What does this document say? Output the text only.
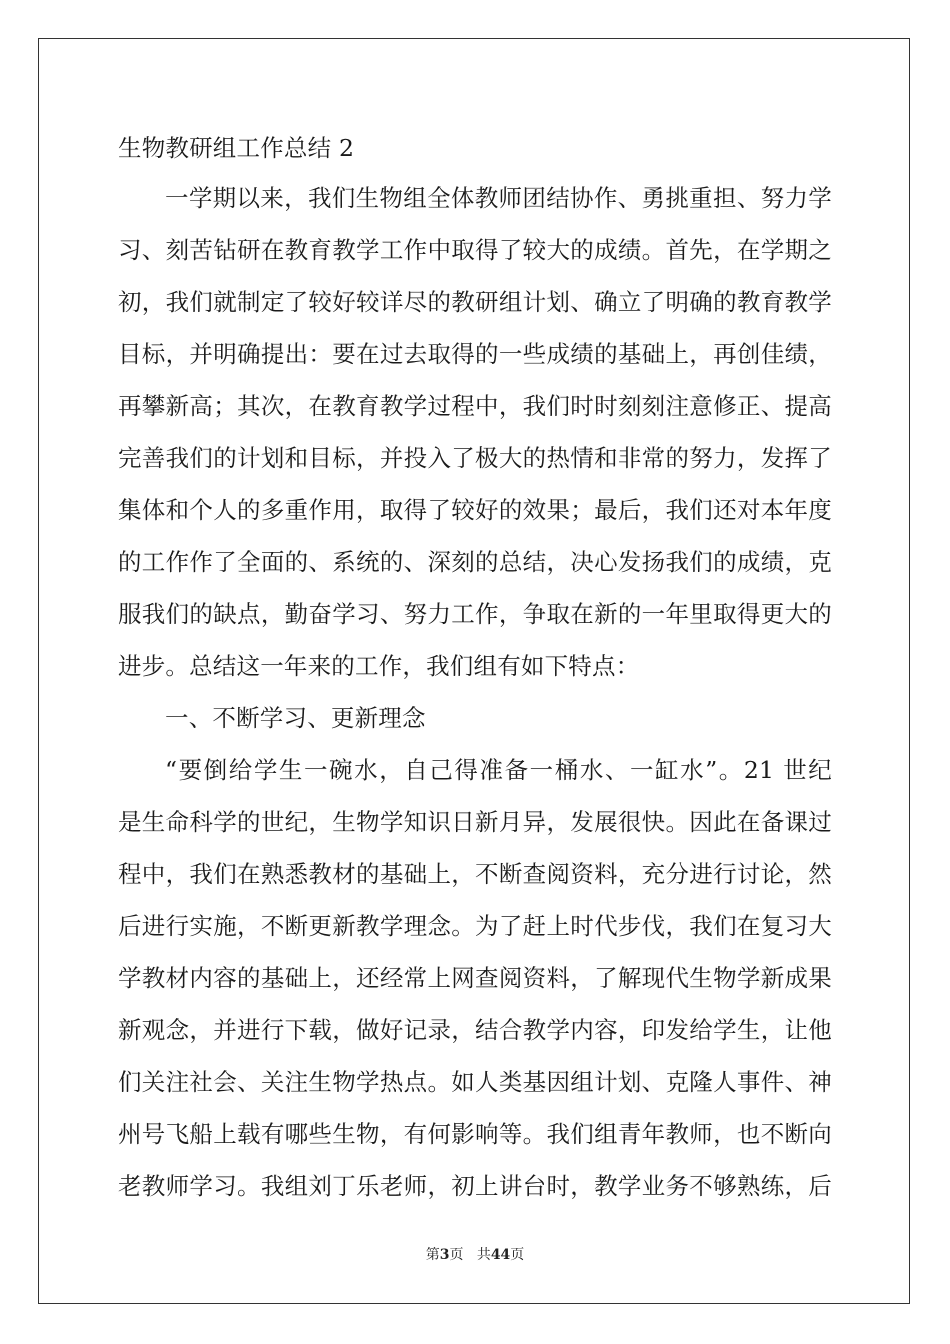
生物教研组工作总结 2
一学期以来，我们生物组全体教师团结协作、勇挑重担、努力学
习、刻苦钻研在教育教学工作中取得了较大的成绩。首先，在学期之
初，我们就制定了较好较详尽的教研组计划、确立了明确的教育教学
目标，并明确提出：要在过去取得的一些成绩的基础上，再创佳绩，
再攀新高；其次，在教育教学过程中，我们时时刻刻注意修正、提高
完善我们的计划和目标，并投入了极大的热情和非常的努力，发挥了
集体和个人的多重作用，取得了较好的效果；最后，我们还对本年度
的工作作了全面的、系统的、深刻的总结，决心发扬我们的成绩，克
服我们的缺点，勤奋学习、努力工作，争取在新的一年里取得更大的
进步。总结这一年来的工作，我们组有如下特点：
一、不断学习、更新理念
“要倒给学生一碗水，自己得准备一桶水、一缸水”。21 世纪
是生命科学的世纪，生物学知识日新月异，发展很快。因此在备课过
程中，我们在熟悉教材的基础上，不断查阅资料，充分进行讨论，然
后进行实施，不断更新教学理念。为了赶上时代步伐，我们在复习大
学教材内容的基础上，还经常上网查阅资料，了解现代生物学新成果
新观念，并进行下载，做好记录，结合教学内容，印发给学生，让他
们关注社会、关注生物学热点。如人类基因组计划、克隆人事件、神
州号飞船上载有哪些生物，有何影响等。我们组青年教师，也不断向
老教师学习。我组刘丁乐老师，初上讲台时，教学业务不够熟练，后
第3页 共44页
